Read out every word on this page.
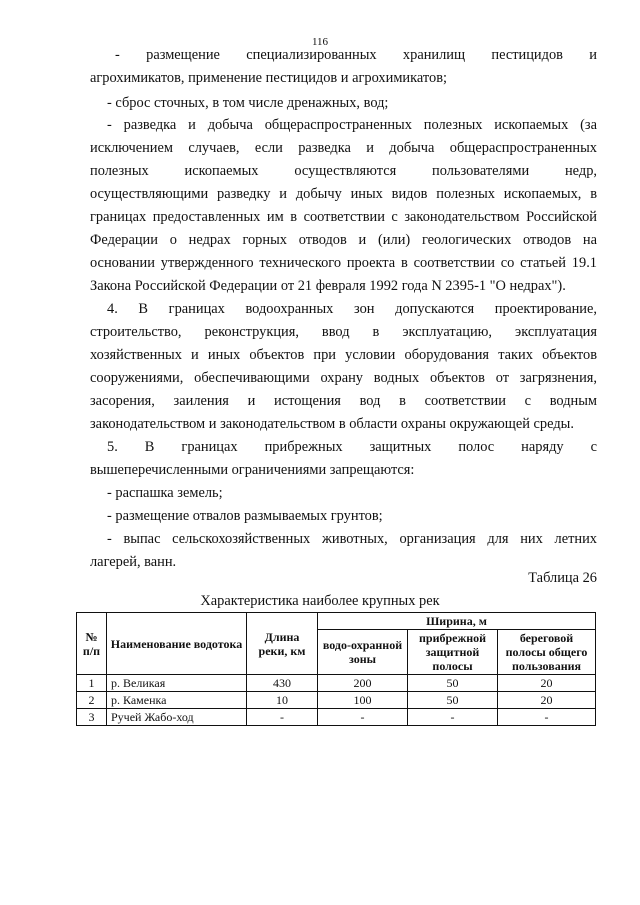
116
-   размещение   специализированных   хранилищ   пестицидов   и
агрохимикатов, применение пестицидов и агрохимикатов;
- сброс сточных, в том числе дренажных, вод;
- разведка и добыча общераспространенных полезных ископаемых (за
исключением случаев, если разведка и добыча общераспространенных
полезных ископаемых осуществляются пользователями недр,
осуществляющими разведку и добычу иных видов полезных ископаемых, в
границах предоставленных им в соответствии с законодательством Российской
Федерации о недрах горных отводов и (или) геологических отводов на
основании утвержденного технического проекта в соответствии со статьей 19.1
Закона Российской Федерации от 21 февраля 1992 года N 2395-1 "О недрах").
4. В границах водоохранных зон допускаются проектирование,
строительство, реконструкция, ввод в эксплуатацию, эксплуатация
хозяйственных и иных объектов при условии оборудования таких объектов
сооружениями, обеспечивающими охрану водных объектов от загрязнения,
засорения, заиления и истощения вод в соответствии с водным
законодательством и законодательством в области охраны окружающей среды.
5. В границах прибрежных защитных полос наряду с
вышеперечисленными ограничениями запрещаются:
- распашка земель;
- размещение отвалов размываемых грунтов;
- выпас сельскохозяйственных животных, организация для них летних
лагерей, ванн.
Таблица 26
Характеристика наиболее крупных рек
№ п/п	Наименование водотока	Длина реки, км	Ширина, м		
			водо-охранной зоны	прибрежной защитной полосы	береговой полосы общего пользования
1	р. Великая	430	200	50	20
2	р. Каменка	10	100	50	20
3	Ручей Жабо-ход	-	-	-	-
